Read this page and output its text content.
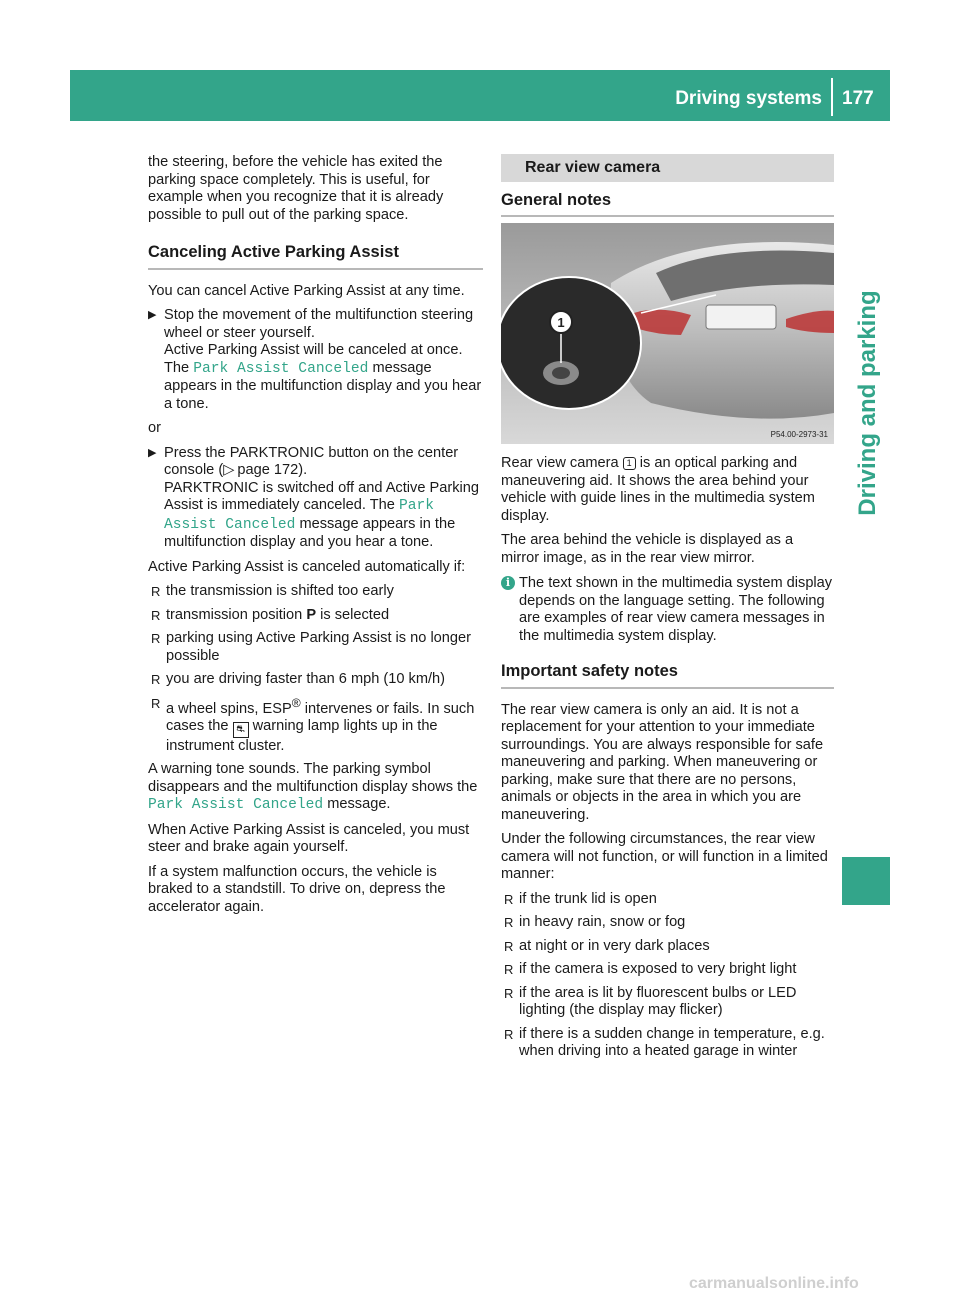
Driving systems 177
Driving and parking

the steering, before the vehicle has exited the parking space completely. This is useful, for example when you recognize that it is already possible to pull out of the parking space.

Canceling Active Parking Assist

You can cancel Active Parking Assist at any time.

▶ Stop the movement of the multifunction steering wheel or steer yourself.
Active Parking Assist will be canceled at once. The Park Assist Canceled message appears in the multifunction display and you hear a tone.

or

▶ Press the PARKTRONIC button on the center console (▷  page 172).
PARKTRONIC is switched off and Active Parking Assist is immediately canceled. The Park Assist Canceled message appears in the multifunction display and you hear a tone.

Active Parking Assist is canceled automatically if:

R the transmission is shifted too early
R transmission position P is selected
R parking using Active Parking Assist is no longer possible
R you are driving faster than 6 mph (10 km/h)
R a wheel spins, ESP® intervenes or fails. In such cases the ⛐ warning lamp lights up in the instrument cluster.

A warning tone sounds. The parking symbol disappears and the multifunction display shows the Park Assist Canceled message.

When Active Parking Assist is canceled, you must steer and brake again yourself.

If a system malfunction occurs, the vehicle is braked to a standstill. To drive on, depress the accelerator again.

Rear view camera
General notes
1
P54.00-2973-31

Rear view camera 1 is an optical parking and maneuvering aid. It shows the area behind your vehicle with guide lines in the multimedia system display.

The area behind the vehicle is displayed as a mirror image, as in the rear view mirror.

i The text shown in the multimedia system display depends on the language setting. The following are examples of rear view camera messages in the multimedia system display.
Important safety notes

The rear view camera is only an aid. It is not a replacement for your attention to your immediate surroundings. You are always responsible for safe maneuvering and parking. When maneuvering or parking, make sure that there are no persons, animals or objects in the area in which you are maneuvering.

Under the following circumstances, the rear view camera will not function, or will function in a limited manner:

R if the trunk lid is open
R in heavy rain, snow or fog
R at night or in very dark places
R if the camera is exposed to very bright light
R if the area is lit by fluorescent bulbs or LED lighting (the display may flicker)
R if there is a sudden change in temperature, e.g. when driving into a heated garage in winter
carmanualsonline.info
